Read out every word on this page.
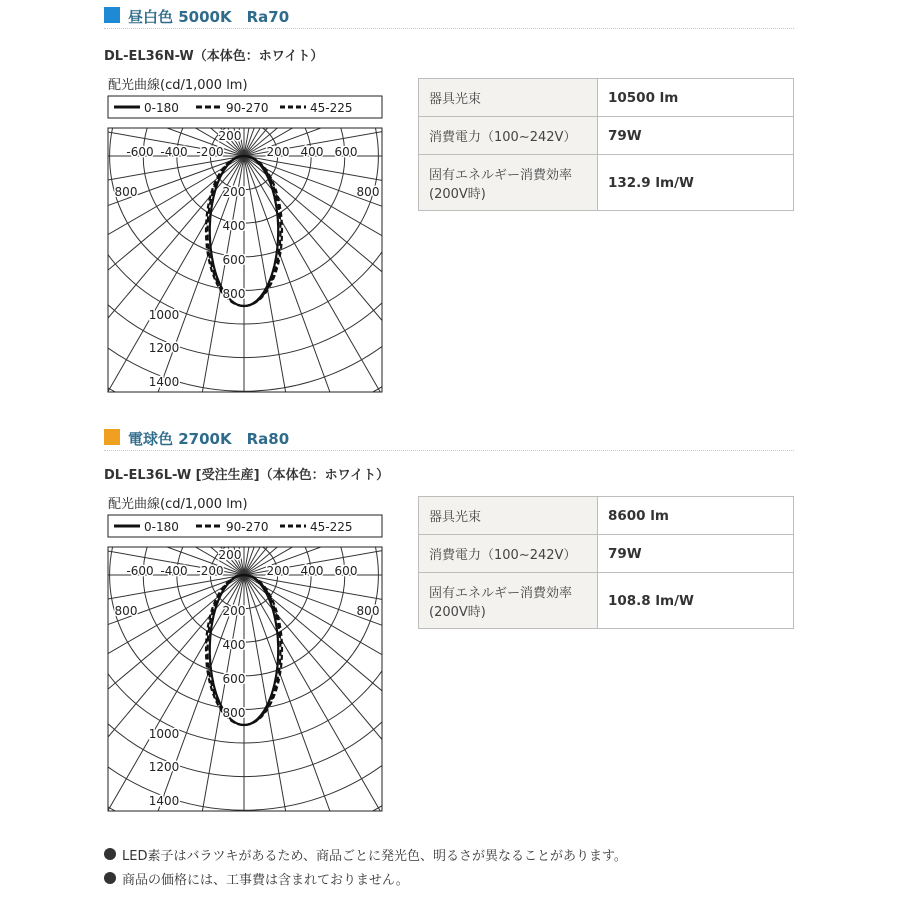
昼白色 5000K　Ra70
DL-EL36N-W（本体色：ホワイト）
配光曲線(cd/1,000 lm)
0-180	90-270	45-225
-600 -400 -200	200 400 600
200
800	800
200
400
600
800
1000
1200
1400
器具光束	10500 lm
消費電力（100∼242V）	79W
固有エネルギー消費効率(200V時)	132.9 lm/W
電球色 2700K　Ra80
DL-EL36L-W [受注生産]（本体色：ホワイト）
配光曲線(cd/1,000 lm)
0-180	90-270	45-225
-600 -400 -200	200 400 600
200
800	800
200
400
600
800
1000
1200
1400
器具光束	8600 lm
消費電力（100∼242V）	79W
固有エネルギー消費効率(200V時)	108.8 lm/W
LED素子はバラツキがあるため、商品ごとに発光色、明るさが異なることがあります。
商品の価格には、工事費は含まれておりません。
